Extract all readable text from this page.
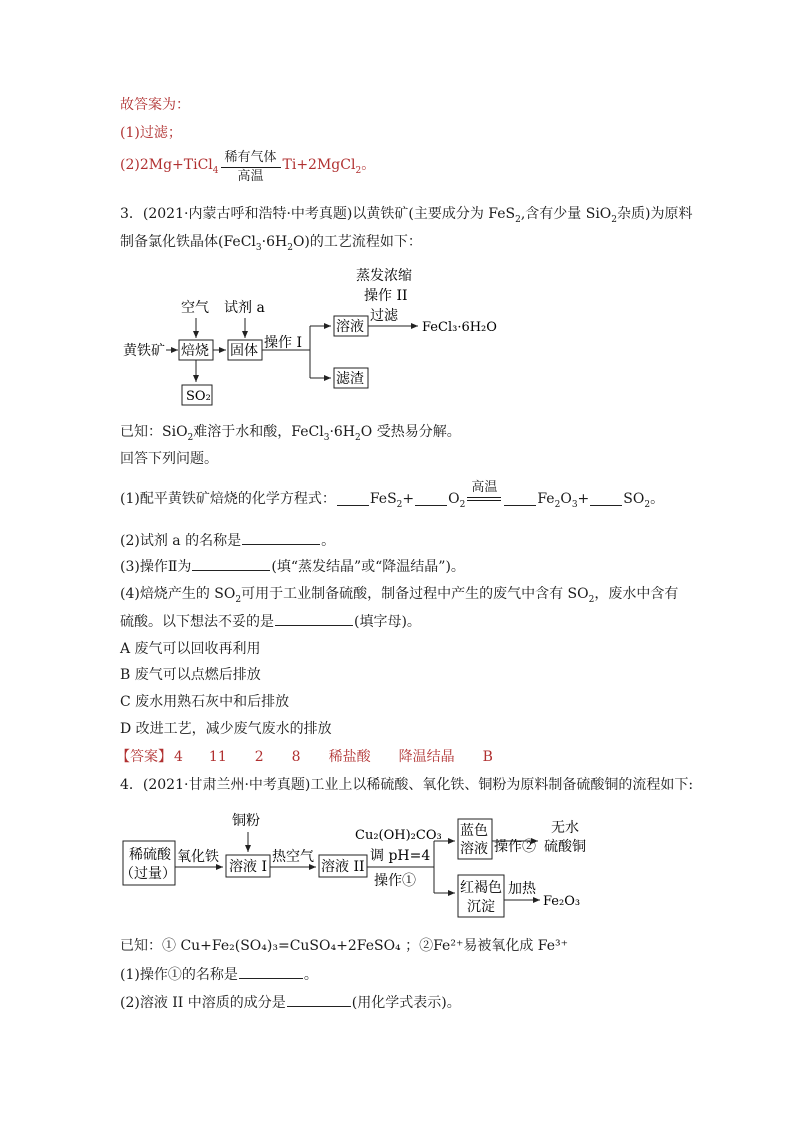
故答案为：
(1)过滤；
(2)2Mg+TiCl$_4$
稀有气体
高温
Ti+2MgCl$_2$。
3．(2021·内蒙古呼和浩特·中考真题)以黄铁矿(主要成分为 FeS$_2$,含有少量 SiO$_2$杂质)为原料
制备氯化铁晶体$(FeCl_3\cdot 6H_2O)$的工艺流程如下：
黄铁矿
空气
焙烧
SO₂
试剂 a
固体 操作 I
溶液
滤渣
蒸发浓缩
操作 II
过滤
FeCl₃·6H₂O
已知：SiO$_2$难溶于水和酸，$FeCl_3\cdot 6H_2O$ 受热易分解。
回答下列问题。
(1)配平黄铁矿焙烧的化学方程式： $FeS_2+ O_2$
高温

$Fe_2O_3+ SO_2$。
(2)试剂 a 的名称是	。
(3)操作Ⅱ为	(填“蒸发结晶”或“降温结晶”)。
(4)焙烧产生的 $SO_2$可用于工业制备硫酸，制备过程中产生的废气中含有 $SO_2$，废水中含有
硫酸。以下想法不妥的是	(填字母)。
A 废气可以回收再利用
B 废气可以点燃后排放
C 废水用熟石灰中和后排放
D 改进工艺，减少废气废水的排放
【答案】 4 11 2 8 稀盐酸 降温结晶 B
4．(2021·甘肃兰州·中考真题)工业上以稀硫酸、氧化铁、铜粉为原料制备硫酸铜的流程如下:
稀硫酸
（过量）
氧化铁
铜粉
溶液 I
热空气
溶液 II
Cu₂(OH)₂CO₃
调 pH=4
操作①
蓝色
溶液 操作②
无水
硫酸铜
红褐色
沉淀
加热
Fe₂O₃
已知：① Cu+Fe₂(SO₄)₃=CuSO₄+2FeSO₄ ；②Fe²⁺易被氧化成 Fe³⁺
(1)操作①的名称是	。
(2)溶液 II 中溶质的成分是	(用化学式表示)。
